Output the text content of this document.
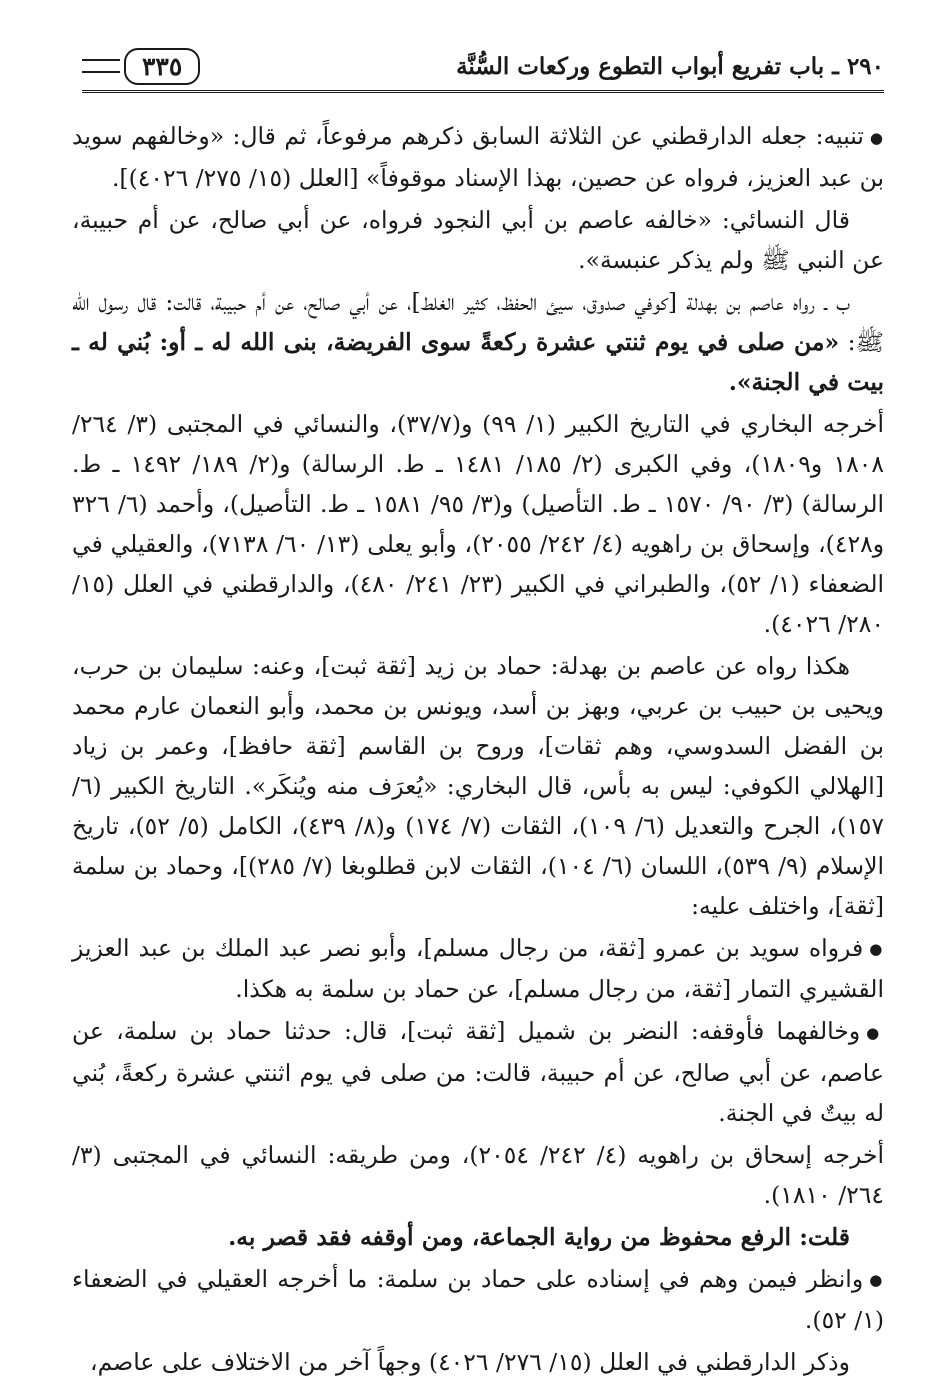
٢٩٠ ـ باب تفريع أبواب التطوع وركعات السُّنَّة
٣٣٥

●تنبيه: جعله الدارقطني عن الثلاثة السابق ذكرهم مرفوعاً، ثم قال: «وخالفهم سويد بن عبد العزيز، فرواه عن حصين، بهذا الإسناد موقوفاً» [العلل (١٥/ ٢٧٥/ ٤٠٢٦)].

قال النسائي: «خالفه عاصم بن أبي النجود فرواه، عن أبي صالح، عن أم حبيبة، عن النبي ﷺ ولم يذكر عنبسة».

ب ـ رواه عاصم بن بهدلة [كوفي صدوق، سيئ الحفظ، كثير الغلط]، عن أبي صالح، عن أم حبيبة، قالت: قال رسول الله ﷺ: «من صلى في يوم ثنتي عشرة ركعةً سوى الفريضة، بنى الله له ـ أو: بُني له ـ بيت في الجنة».

أخرجه البخاري في التاريخ الكبير (١/ ٩٩) و(٣٧/٧)، والنسائي في المجتبى (٣/ ٢٦٤/ ١٨٠٨ و١٨٠٩)، وفي الكبرى (٢/ ١٨٥/ ١٤٨١ ـ ط. الرسالة) و(٢/ ١٨٩/ ١٤٩٢ ـ ط. الرسالة) (٣/ ٩٠/ ١٥٧٠ ـ ط. التأصيل) و(٣/ ٩٥/ ١٥٨١ ـ ط. التأصيل)، وأحمد (٦/ ٣٢٦ و٤٢٨)، وإسحاق بن راهويه (٤/ ٢٤٢/ ٢٠٥٥)، وأبو يعلى (١٣/ ٦٠/ ٧١٣٨)، والعقيلي في الضعفاء (١/ ٥٢)، والطبراني في الكبير (٢٣/ ٢٤١/ ٤٨٠)، والدارقطني في العلل (١٥/ ٢٨٠/ ٤٠٢٦).

هكذا رواه عن عاصم بن بهدلة: حماد بن زيد [ثقة ثبت]، وعنه: سليمان بن حرب، ويحيى بن حبيب بن عربي، وبهز بن أسد، ويونس بن محمد، وأبو النعمان عارم محمد بن الفضل السدوسي، وهم ثقات]، وروح بن القاسم [ثقة حافظ]، وعمر بن زياد [الهلالي الكوفي: ليس به بأس، قال البخاري: «يُعرَف منه ويُنكَر». التاريخ الكبير (٦/ ١٥٧)، الجرح والتعديل (٦/ ١٠٩)، الثقات (٧/ ١٧٤) و(٨/ ٤٣٩)، الكامل (٥/ ٥٢)، تاريخ الإسلام (٩/ ٥٣٩)، اللسان (٦/ ١٠٤)، الثقات لابن قطلوبغا (٧/ ٢٨٥)]، وحماد بن سلمة [ثقة]، واختلف عليه:

●فرواه سويد بن عمرو [ثقة، من رجال مسلم]، وأبو نصر عبد الملك بن عبد العزيز القشيري التمار [ثقة، من رجال مسلم]، عن حماد بن سلمة به هكذا.

●وخالفهما فأوقفه: النضر بن شميل [ثقة ثبت]، قال: حدثنا حماد بن سلمة، عن عاصم، عن أبي صالح، عن أم حبيبة، قالت: من صلى في يوم اثنتي عشرة ركعةً، بُني له بيتٌ في الجنة.

أخرجه إسحاق بن راهويه (٤/ ٢٤٢/ ٢٠٥٤)، ومن طريقه: النسائي في المجتبى (٣/ ٢٦٤/ ١٨١٠).

قلت: الرفع محفوظ من رواية الجماعة، ومن أوقفه فقد قصر به.

●وانظر فيمن وهم في إسناده على حماد بن سلمة: ما أخرجه العقيلي في الضعفاء (١/ ٥٢).

وذكر الدارقطني في العلل (١٥/ ٢٧٦/ ٤٠٢٦) وجهاً آخر من الاختلاف على عاصم،
